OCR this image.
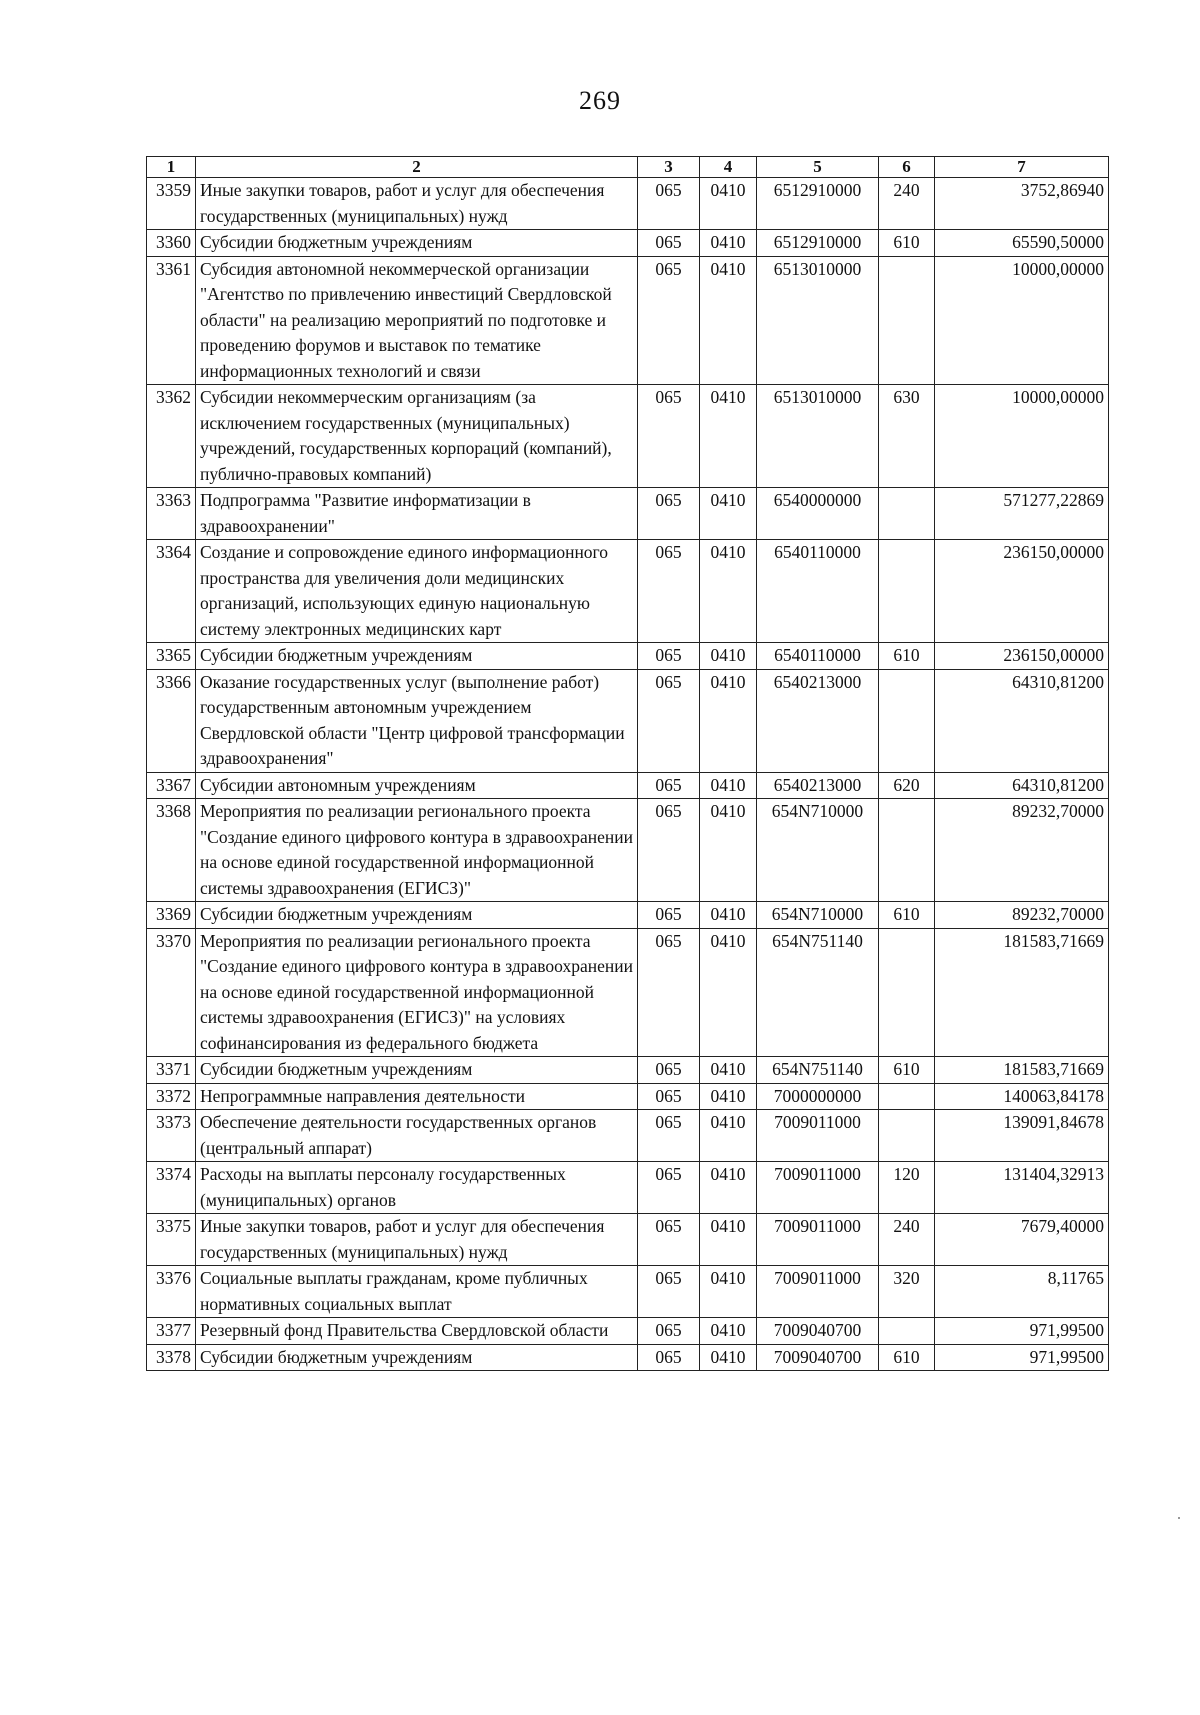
269
1	2	3	4	5	6	7
3359	Иные закупки товаров, работ и услуг для обеспечения государственных (муниципальных) нужд	065	0410	6512910000	240	3752,86940
3360	Субсидии бюджетным учреждениям	065	0410	6512910000	610	65590,50000
3361	Субсидия автономной некоммерческой организации "Агентство по привлечению инвестиций Свердловской области" на реализацию мероприятий по подготовке и проведению форумов и выставок по тематике информационных технологий и связи	065	0410	6513010000		10000,00000
3362	Субсидии некоммерческим организациям (за исключением государственных (муниципальных) учреждений, государственных корпораций (компаний), публично-правовых компаний)	065	0410	6513010000	630	10000,00000
3363	Подпрограмма "Развитие информатизации в здравоохранении"	065	0410	6540000000		571277,22869
3364	Создание и сопровождение единого информационного пространства для увеличения доли медицинских организаций, использующих единую национальную систему электронных медицинских карт	065	0410	6540110000		236150,00000
3365	Субсидии бюджетным учреждениям	065	0410	6540110000	610	236150,00000
3366	Оказание государственных услуг (выполнение работ) государственным автономным учреждением Свердловской области "Центр цифровой трансформации здравоохранения"	065	0410	6540213000		64310,81200
3367	Субсидии автономным учреждениям	065	0410	6540213000	620	64310,81200
3368	Мероприятия по реализации регионального проекта "Создание единого цифрового контура в здравоохранении на основе единой государственной информационной системы здравоохранения (ЕГИСЗ)"	065	0410	654N710000		89232,70000
3369	Субсидии бюджетным учреждениям	065	0410	654N710000	610	89232,70000
3370	Мероприятия по реализации регионального проекта "Создание единого цифрового контура в здравоохранении на основе единой государственной информационной системы здравоохранения (ЕГИСЗ)" на условиях софинансирования из федерального бюджета	065	0410	654N751140		181583,71669
3371	Субсидии бюджетным учреждениям	065	0410	654N751140	610	181583,71669
3372	Непрограммные направления деятельности	065	0410	7000000000		140063,84178
3373	Обеспечение деятельности государственных органов (центральный аппарат)	065	0410	7009011000		139091,84678
3374	Расходы на выплаты персоналу государственных (муниципальных) органов	065	0410	7009011000	120	131404,32913
3375	Иные закупки товаров, работ и услуг для обеспечения государственных (муниципальных) нужд	065	0410	7009011000	240	7679,40000
3376	Социальные выплаты гражданам, кроме публичных нормативных социальных выплат	065	0410	7009011000	320	8,11765
3377	Резервный фонд Правительства Свердловской области	065	0410	7009040700		971,99500
3378	Субсидии бюджетным учреждениям	065	0410	7009040700	610	971,99500
